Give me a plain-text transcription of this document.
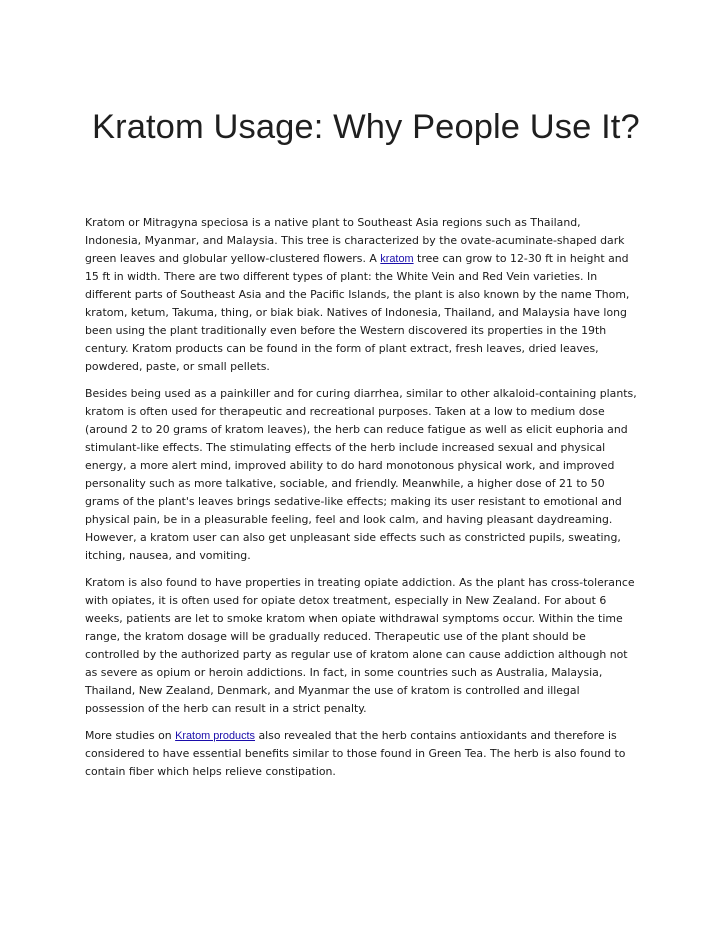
Kratom Usage: Why People Use It?

Kratom or Mitragyna speciosa is a native plant to Southeast Asia regions such as Thailand, Indonesia, Myanmar, and Malaysia. This tree is characterized by the ovate-acuminate-shaped dark green leaves and globular yellow-clustered flowers. A kratom tree can grow to 12-30 ft in height and 15 ft in width. There are two different types of plant: the White Vein and Red Vein varieties. In different parts of Southeast Asia and the Pacific Islands, the plant is also known by the name Thom, kratom, ketum, Takuma, thing, or biak biak. Natives of Indonesia, Thailand, and Malaysia have long been using the plant traditionally even before the Western discovered its properties in the 19th century. Kratom products can be found in the form of plant extract, fresh leaves, dried leaves, powdered, paste, or small pellets.

Besides being used as a painkiller and for curing diarrhea, similar to other alkaloid-containing plants, kratom is often used for therapeutic and recreational purposes. Taken at a low to medium dose (around 2 to 20 grams of kratom leaves), the herb can reduce fatigue as well as elicit euphoria and stimulant-like effects. The stimulating effects of the herb include increased sexual and physical energy, a more alert mind, improved ability to do hard monotonous physical work, and improved personality such as more talkative, sociable, and friendly. Meanwhile, a higher dose of 21 to 50 grams of the plant's leaves brings sedative-like effects; making its user resistant to emotional and physical pain, be in a pleasurable feeling, feel and look calm, and having pleasant daydreaming. However, a kratom user can also get unpleasant side effects such as constricted pupils, sweating, itching, nausea, and vomiting.

Kratom is also found to have properties in treating opiate addiction. As the plant has cross-tolerance with opiates, it is often used for opiate detox treatment, especially in New Zealand. For about 6 weeks, patients are let to smoke kratom when opiate withdrawal symptoms occur. Within the time range, the kratom dosage will be gradually reduced. Therapeutic use of the plant should be controlled by the authorized party as regular use of kratom alone can cause addiction although not as severe as opium or heroin addictions. In fact, in some countries such as Australia, Malaysia, Thailand, New Zealand, Denmark, and Myanmar the use of kratom is controlled and illegal possession of the herb can result in a strict penalty.

More studies on Kratom products also revealed that the herb contains antioxidants and therefore is considered to have essential benefits similar to those found in Green Tea. The herb is also found to contain fiber which helps relieve constipation.
